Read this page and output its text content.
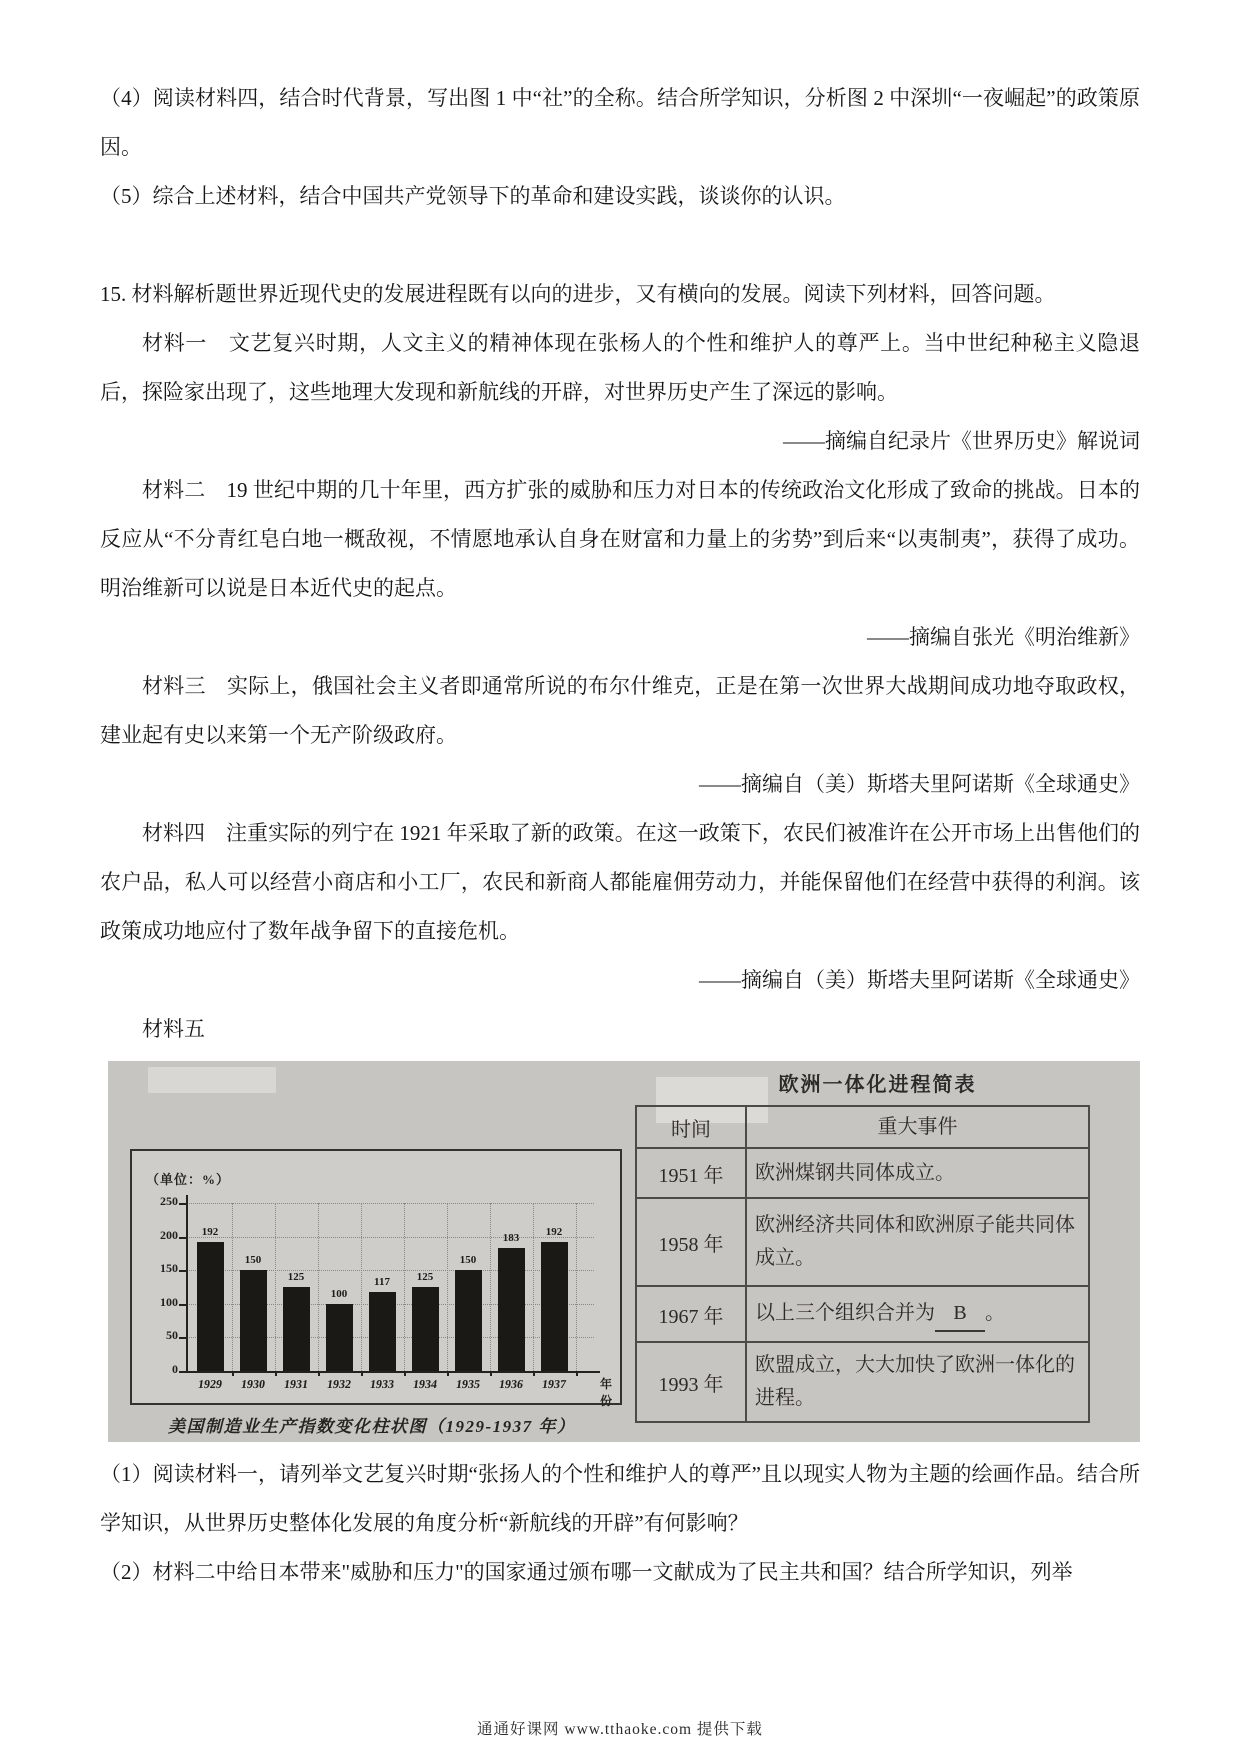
（4）阅读材料四，结合时代背景，写出图 1 中“社”的全称。结合所学知识，分析图 2 中深圳“一夜崛起”的政策原因。
（5）综合上述材料，结合中国共产党领导下的革命和建设实践，谈谈你的认识。
15. 材料解析题世界近现代史的发展进程既有以向的进步，又有横向的发展。阅读下列材料，回答问题。
材料一　文艺复兴时期，人文主义的精神体现在张杨人的个性和维护人的尊严上。当中世纪种秘主义隐退后，探险家出现了，这些地理大发现和新航线的开辟，对世界历史产生了深远的影响。
——摘编自纪录片《世界历史》解说词
材料二　19 世纪中期的几十年里，西方扩张的威胁和压力对日本的传统政治文化形成了致命的挑战。日本的反应从“不分青红皂白地一概敌视，不情愿地承认自身在财富和力量上的劣势”到后来“以夷制夷”，获得了成功。明治维新可以说是日本近代史的起点。
——摘编自张光《明治维新》
材料三　实际上，俄国社会主义者即通常所说的布尔什维克，正是在第一次世界大战期间成功地夺取政权，建业起有史以来第一个无产阶级政府。
——摘编自（美）斯塔夫里阿诺斯《全球通史》
材料四　注重实际的列宁在 1921 年采取了新的政策。在这一政策下，农民们被准许在公开市场上出售他们的农户品，私人可以经营小商店和小工厂，农民和新商人都能雇佣劳动力，并能保留他们在经营中获得的利润。该政策成功地应付了数年战争留下的直接危机。
——摘编自（美）斯塔夫里阿诺斯《全球通史》
材料五
（单位：%）
0
50
100
150
200
250
192
1929
150
1930
125
1931
100
1932
117
1933
125
1934
150
1935
183
1936
192
1937	年份
美国制造业生产指数变化柱状图（1929-1937 年）
欧洲一体化进程简表
时间	重大事件
1951 年	欧洲煤钢共同体成立。
1958 年	欧洲经济共同体和欧洲原子能共同体成立。
1967 年	以上三个组织合并为 B 。
1993 年	欧盟成立，大大加快了欧洲一体化的进程。
（1）阅读材料一，请列举文艺复兴时期“张扬人的个性和维护人的尊严”且以现实人物为主题的绘画作品。结合所学知识，从世界历史整体化发展的角度分析“新航线的开辟”有何影响？
（2）材料二中给日本带来"威胁和压力"的国家通过颁布哪一文献成为了民主共和国？结合所学知识，列举
通通好课网 www.tthaoke.com 提供下载
